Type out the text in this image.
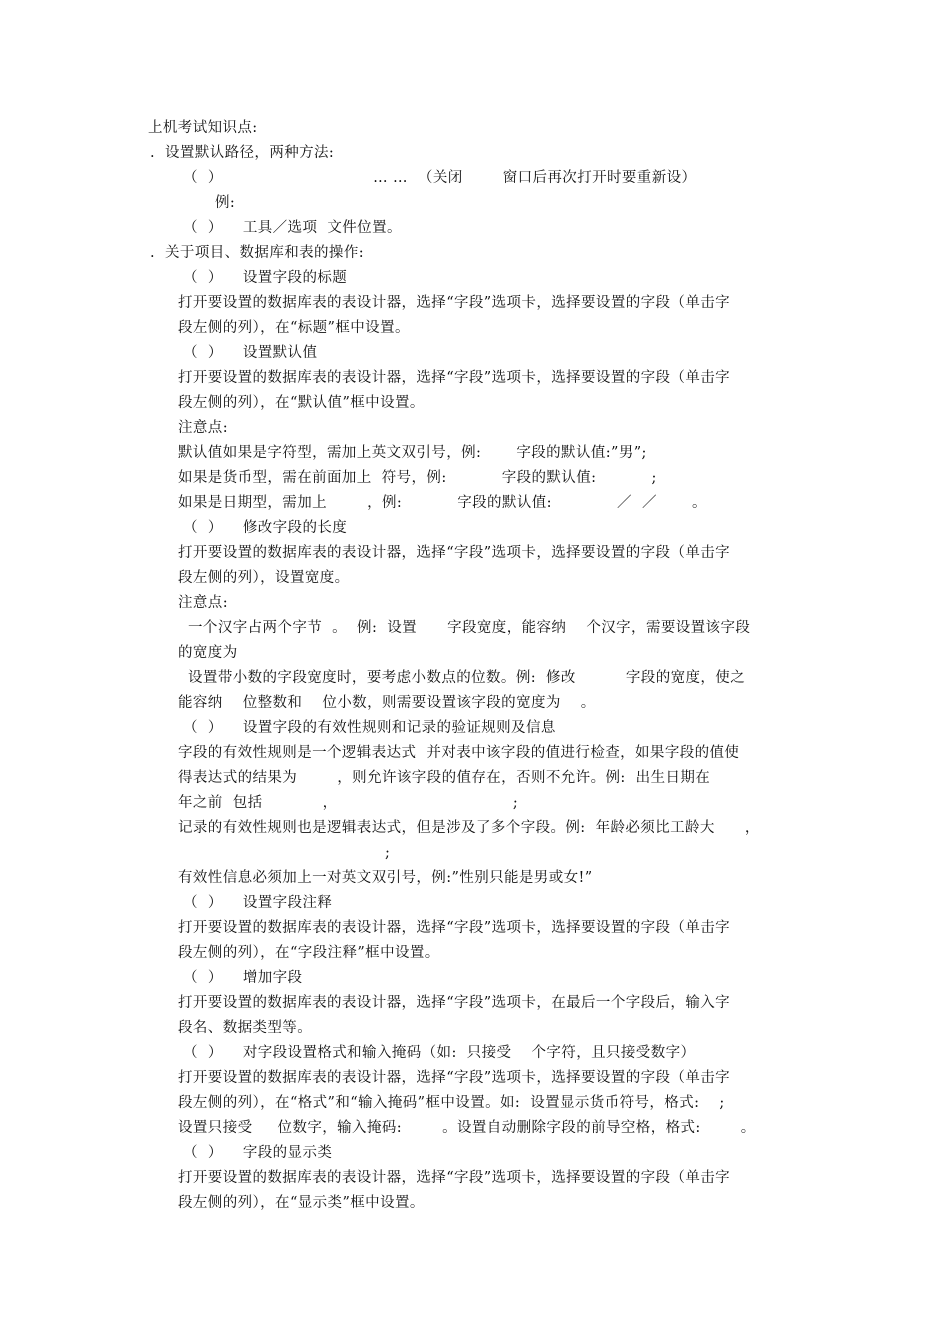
上机考试知识点:
.  设置默认路径，两种方法:
（  ）                              … …  （关闭        窗口后再次打开时要重新设）
例:
（  ）    工具／选项  文件位置。
.  关于项目、数据库和表的操作:
（  ）    设置字段的标题
打开要设置的数据库表的表设计器，选择“字段”选项卡，选择要设置的字段（单击字
段左侧的列），在“标题”框中设置。
（  ）    设置默认值
打开要设置的数据库表的表设计器，选择“字段”选项卡，选择要设置的字段（单击字
段左侧的列），在“默认值”框中设置。
注意点:
默认值如果是字符型，需加上英文双引号，例:       字段的默认值:”男”;
如果是货币型，需在前面加上  符号，例:           字段的默认值:           ;
如果是日期型，需加上        ，例:           字段的默认值:             ／  ／       。
（  ）    修改字段的长度
打开要设置的数据库表的表设计器，选择“字段”选项卡，选择要设置的字段（单击字
段左侧的列），设置宽度。
注意点:
一个汉字占两个字节  。  例:  设置      字段宽度，能容纳    个汉字，需要设置该字段
的宽度为
设置带小数的字段宽度时，要考虑小数点的位数。例:  修改          字段的宽度，使之
能容纳    位整数和    位小数，则需要设置该字段的宽度为    。
（  ）    设置字段的有效性规则和记录的验证规则及信息
字段的有效性规则是一个逻辑表达式  并对表中该字段的值进行检查，如果字段的值使
得表达式的结果为        ，则允许该字段的值存在，否则不允许。例:  出生日期在
年之前  包括            ，                                   ;
记录的有效性规则也是逻辑表达式，但是涉及了多个字段。例:  年龄必须比工龄大      ，
;
有效性信息必须加上一对英文双引号，例:”性别只能是男或女!”
（  ）    设置字段注释
打开要设置的数据库表的表设计器，选择“字段”选项卡，选择要设置的字段（单击字
段左侧的列），在“字段注释”框中设置。
（  ）    增加字段
打开要设置的数据库表的表设计器，选择“字段”选项卡，在最后一个字段后，输入字
段名、数据类型等。
（  ）    对字段设置格式和输入掩码（如:  只接受    个字符，且只接受数字）
打开要设置的数据库表的表设计器，选择“字段”选项卡，选择要设置的字段（单击字
段左侧的列），在“格式”和“输入掩码”框中设置。如:  设置显示货币符号，格式:    ;
设置只接受     位数字，输入掩码:        。设置自动删除字段的前导空格，格式:        。
（  ）    字段的显示类
打开要设置的数据库表的表设计器，选择“字段”选项卡，选择要设置的字段（单击字
段左侧的列），在“显示类”框中设置。
